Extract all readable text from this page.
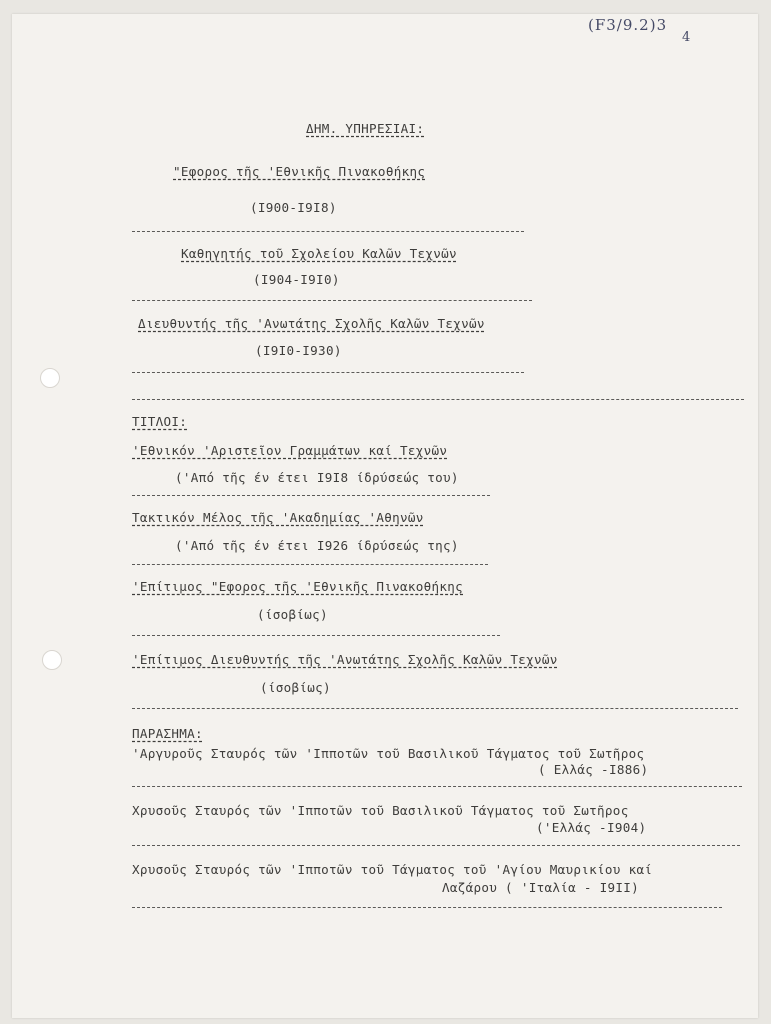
(F3/9.2)3
4
ΔΗΜ. ΥΠΗΡΕΣΙΑΙ:
"Εφορος τῆς 'Εθνικῆς Πινακοθήκης
(I900-I9I8)
Καθηγητής τοῦ Σχολείου Καλῶν Τεχνῶν
(I904-I9I0)
Διευθυντής τῆς 'Ανωτάτης Σχολῆς Καλῶν Τεχνῶν
(I9I0-I930)
ΤΙΤΛΟΙ:
'Εθνικόν 'Αριστεῖον Γραμμάτων καί Τεχνῶν
('Από τῆς έν έτει I9I8 ίδρύσεώς του)
Τακτικόν Μέλος τῆς 'Ακαδημίας 'Αθηνῶν
('Από τῆς έν έτει I926 ίδρύσεώς της)
'Επίτιμος "Εφορος τῆς 'Εθνικῆς Πινακοθήκης
(ίσοβίως)
'Επίτιμος Διευθυντής τῆς 'Ανωτάτης Σχολῆς Καλῶν Τεχνῶν
(ίσοβίως)
ΠΑΡΑΣΗΜΑ:
'Αργυροῦς Σταυρός τῶν 'Ιπποτῶν τοῦ Βασιλικοῦ Τάγματος τοῦ Σωτῆρος
( Ελλάς -I886)
Χρυσοῦς Σταυρός τῶν 'Ιπποτῶν τοῦ Βασιλικοῦ Τάγματος τοῦ Σωτῆρος
('Ελλάς -I904)
Χρυσοῦς Σταυρός τῶν 'Ιπποτῶν τοῦ Τάγματος τοῦ 'Αγίου Μαυρικίου καί
Λαζάρου ( 'Ιταλία - I9II)
